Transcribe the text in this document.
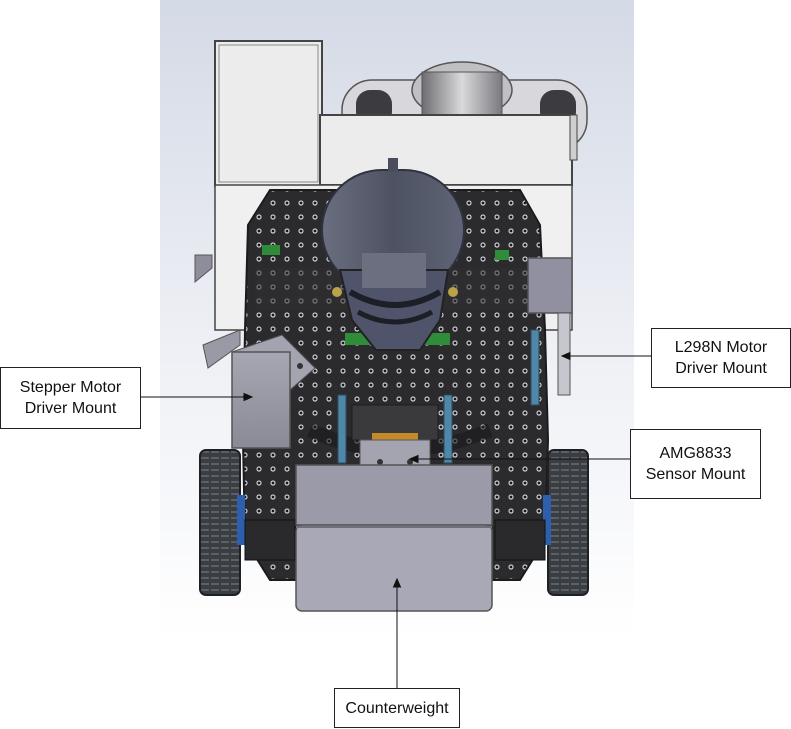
Stepper Motor
Driver Mount
L298N Motor
Driver Mount
AMG8833
Sensor Mount
Counterweight
